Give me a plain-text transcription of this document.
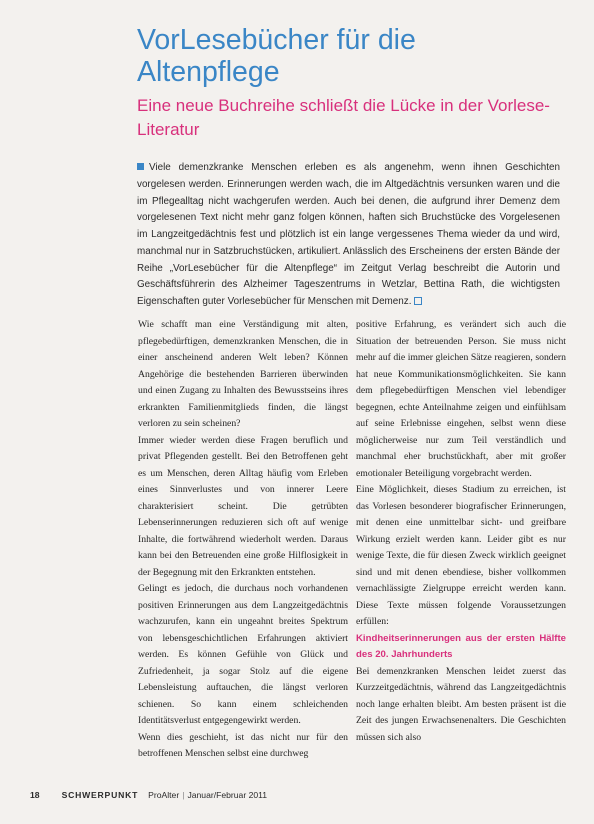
VorLesebücher für die Altenpflege
Eine neue Buchreihe schließt die Lücke in der Vorlese-Literatur

Viele demenzkranke Menschen erleben es als angenehm, wenn ihnen Geschichten vorgelesen werden. Erinnerungen werden wach, die im Altgedächtnis versunken waren und die im Pflegealltag nicht wachgerufen werden. Auch bei denen, die aufgrund ihrer Demenz dem vorgelesenen Text nicht mehr ganz folgen können, haften sich Bruchstücke des Vorgelesenen im Langzeitgedächtnis fest und plötzlich ist ein lange vergessenes Thema wieder da und wird, manchmal nur in Satzbruchstücken, artikuliert. Anlässlich des Erscheinens der ersten Bände der Reihe „VorLesebücher für die Altenpflege“ im Zeitgut Verlag beschreibt die Autorin und Geschäftsführerin des Alzheimer Tageszentrums in Wetzlar, Bettina Rath, die wichtigsten Eigenschaften guter Vorlesebücher für Menschen mit Demenz.

Wie schafft man eine Verständigung mit alten, pflegebedürftigen, demenzkranken Menschen, die in einer anscheinend anderen Welt leben? Können Angehörige die bestehenden Barrieren überwinden und einen Zugang zu Inhalten des Bewusstseins ihres erkrankten Familienmitglieds finden, die längst verloren zu sein scheinen?

Immer wieder werden diese Fragen beruflich und privat Pflegenden gestellt. Bei den Betroffenen geht es um Menschen, deren Alltag häufig vom Erleben eines Sinnverlustes und von innerer Leere charakterisiert scheint. Die getrübten Lebenserinnerungen reduzieren sich oft auf wenige Inhalte, die fortwährend wiederholt werden. Daraus kann bei den Betreuenden eine große Hilflosigkeit in der Begegnung mit den Erkrankten entstehen.

Gelingt es jedoch, die durchaus noch vorhandenen positiven Erinnerungen aus dem Langzeitgedächtnis wachzurufen, kann ein ungeahnt breites Spektrum von lebensgeschichtlichen Erfahrungen aktiviert werden. Es können Gefühle von Glück und Zufriedenheit, ja sogar Stolz auf die eigene Lebensleistung auftauchen, die längst verloren schienen. So kann einem schleichenden Identitätsverlust entgegengewirkt werden.

Wenn dies geschieht, ist das nicht nur für den betroffenen Menschen selbst eine durchweg

positive Erfahrung, es verändert sich auch die Situation der betreuenden Person. Sie muss nicht mehr auf die immer gleichen Sätze reagieren, sondern hat neue Kommunikationsmöglichkeiten. Sie kann dem pflegebedürftigen Menschen viel lebendiger begegnen, echte Anteilnahme zeigen und einfühlsam auf seine Erlebnisse eingehen, selbst wenn diese möglicherweise nur zum Teil verständlich und manchmal eher bruchstückhaft, aber mit großer emotionaler Beteiligung vorgebracht werden.

Eine Möglichkeit, dieses Stadium zu erreichen, ist das Vorlesen besonderer biografischer Erinnerungen, mit denen eine unmittelbar sicht- und greifbare Wirkung erzielt werden kann. Leider gibt es nur wenige Texte, die für diesen Zweck wirklich geeignet sind und mit denen ebendiese, bisher vollkommen vernachlässigte Zielgruppe erreicht werden kann. Diese Texte müssen folgende Voraussetzungen erfüllen:

Kindheitserinnerungen aus der ersten Hälfte des 20. Jahrhunderts

Bei demenzkranken Menschen leidet zuerst das Kurzzeitgedächtnis, während das Langzeitgedächtnis noch lange erhalten bleibt. Am besten präsent ist die Zeit des jungen Erwachsenenalters. Die Geschichten müssen sich also

18	SCHWERPUNKT ProAlter | Januar/Februar 2011
